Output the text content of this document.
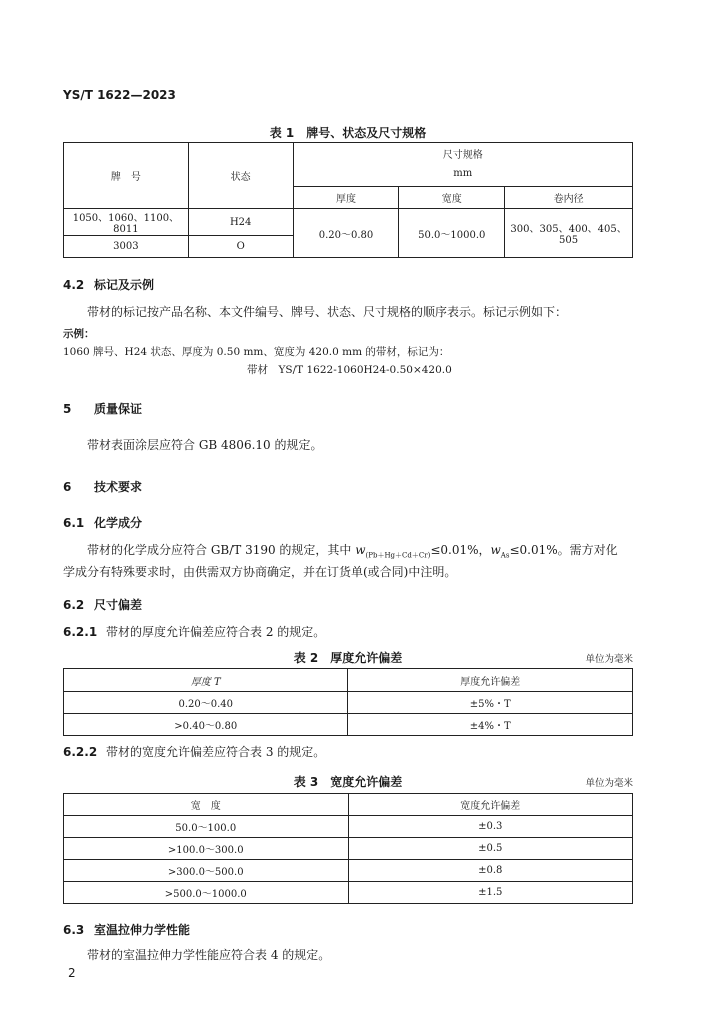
YS/T 1622—2023
表 1　牌号、状态及尺寸规格
牌　号	状态	尺寸规格
mm		

		厚度	宽度	卷内径
1050、1060、1100、8011	H24	0.20～0.80	50.0～1000.0	300、305、400、405、505
3003	O			
4.2 标记及示例
带材的标记按产品名称、本文件编号、牌号、状态、尺寸规格的顺序表示。标记示例如下：
示例：
1060 牌号、H24 状态、厚度为 0.50 mm、宽度为 420.0 mm 的带材，标记为：
带材　YS/T 1622-1060H24-0.50×420.0
5 质量保证
带材表面涂层应符合 GB 4806.10 的规定。
6 技术要求
6.1 化学成分
带材的化学成分应符合 GB/T 3190 的规定，其中 $w_{(Pb+Hg+Cd+Cr)}\le 0.01\%$，$w_{As}\le 0.01\%$。需方对化
学成分有特殊要求时，由供需双方协商确定，并在订货单(或合同)中注明。
6.2 尺寸偏差
6.2.1 带材的厚度允许偏差应符合表 2 的规定。
表 2　厚度允许偏差	单位为毫米
厚度 T	厚度允许偏差
0.20～0.40	±5%・T
>0.40～0.80	±4%・T
6.2.2 带材的宽度允许偏差应符合表 3 的规定。
表 3　宽度允许偏差	单位为毫米
宽　度	宽度允许偏差
50.0～100.0	±0.3
>100.0～300.0	±0.5
>300.0～500.0	±0.8
>500.0～1000.0	±1.5
6.3 室温拉伸力学性能
带材的室温拉伸力学性能应符合表 4 的规定。
2
